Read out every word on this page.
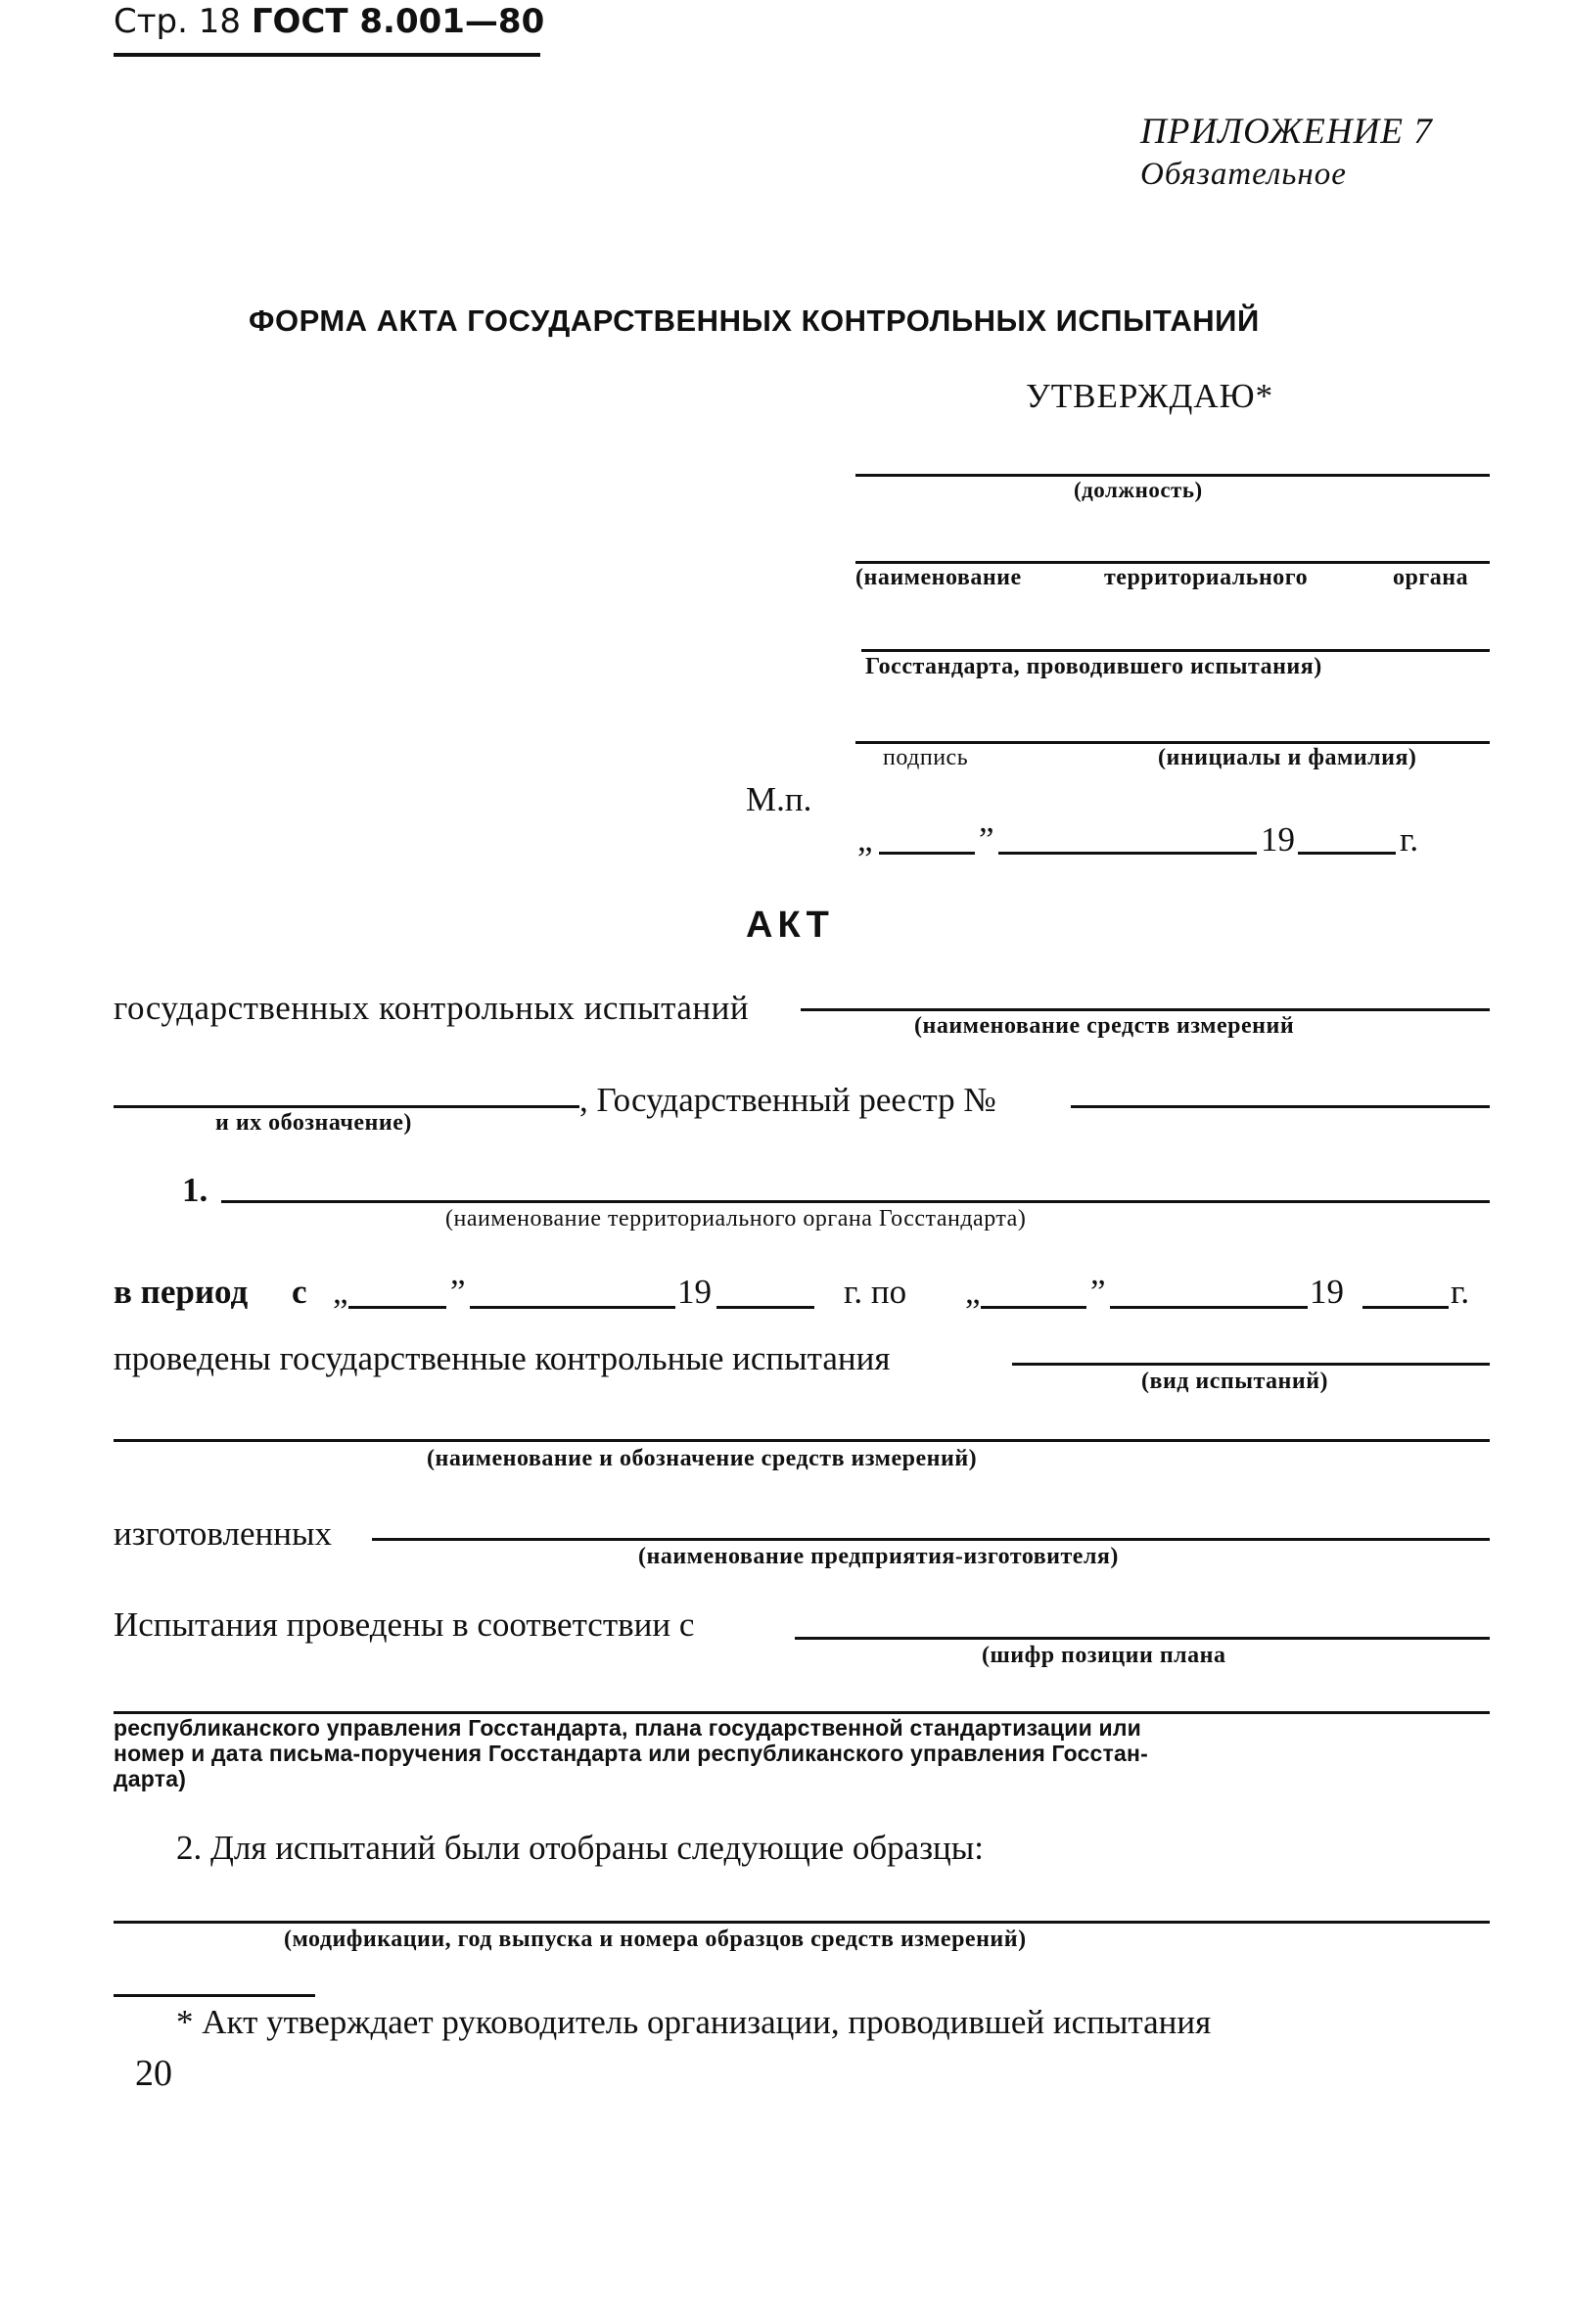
Стр. 18 ГОСТ 8.001—80
ПРИЛОЖЕНИЕ 7
Обязательное
ФОРМА АКТА ГОСУДАРСТВЕННЫХ КОНТРОЛЬНЫХ ИСПЫТАНИЙ
УТВЕРЖДАЮ*
(должность)
(наименование	территориального	органа
Госстандарта, проводившего испытания)
подпись	(инициалы и фамилия)
М.п.
„	”	19	г.
АКТ
государственных контрольных испытаний	(наименование средств измерений
и их обозначение)
, Государственный реестр №
1.
(наименование территориального органа Госстандарта)
в период с „	”	19	г. по „	”	19	г.
проведены государственные контрольные испытания
(вид испытаний)
(наименование и обозначение средств измерений)
изготовленных
(наименование предприятия-изготовителя)
Испытания проведены в соответствии с
(шифр позиции плана
республиканского управления Госстандарта, плана государственной стандартизации или
номер и дата письма-поручения Госстандарта или республиканского управления Госстан-
дарта)
2. Для испытаний были отобраны следующие образцы:
(модификации, год выпуска и номера образцов средств измерений)
* Акт утверждает руководитель организации, проводившей испытания
20
